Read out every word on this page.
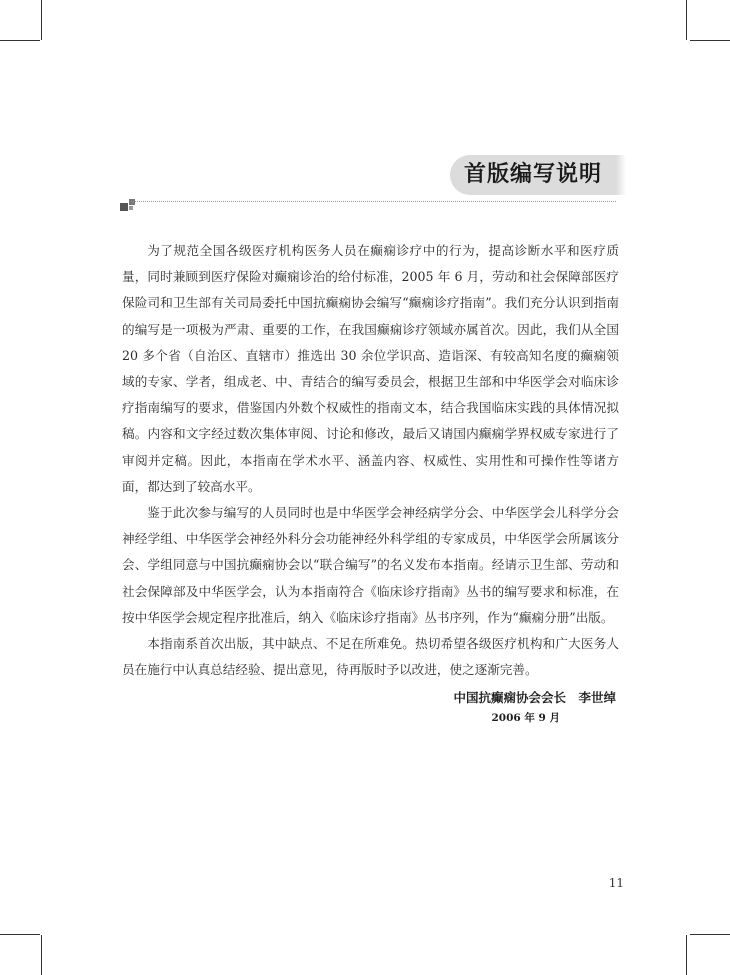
首版编写说明

为了规范全国各级医疗机构医务人员在癫痫诊疗中的行为，提高诊断水平和医疗质量，同时兼顾到医疗保险对癫痫诊治的给付标准，2005 年 6 月，劳动和社会保障部医疗保险司和卫生部有关司局委托中国抗癫痫协会编写“癫痫诊疗指南”。我们充分认识到指南的编写是一项极为严肃、重要的工作，在我国癫痫诊疗领域亦属首次。因此，我们从全国 20 多个省（自治区、直辖市）推选出 30 余位学识高、造诣深、有较高知名度的癫痫领域的专家、学者，组成老、中、青结合的编写委员会，根据卫生部和中华医学会对临床诊疗指南编写的要求，借鉴国内外数个权威性的指南文本，结合我国临床实践的具体情况拟稿。内容和文字经过数次集体审阅、讨论和修改，最后又请国内癫痫学界权威专家进行了审阅并定稿。因此，本指南在学术水平、涵盖内容、权威性、实用性和可操作性等诸方面，都达到了较高水平。

鉴于此次参与编写的人员同时也是中华医学会神经病学分会、中华医学会儿科学分会神经学组、中华医学会神经外科分会功能神经外科学组的专家成员，中华医学会所属该分会、学组同意与中国抗癫痫协会以“联合编写”的名义发布本指南。经请示卫生部、劳动和社会保障部及中华医学会，认为本指南符合《临床诊疗指南》丛书的编写要求和标准，在按中华医学会规定程序批准后，纳入《临床诊疗指南》丛书序列，作为“癫痫分册”出版。

本指南系首次出版，其中缺点、不足在所难免。热切希望各级医疗机构和广大医务人员在施行中认真总结经验、提出意见，待再版时予以改进，使之逐渐完善。

中国抗癫痫协会会长　李世绰
2006 年 9 月
11
